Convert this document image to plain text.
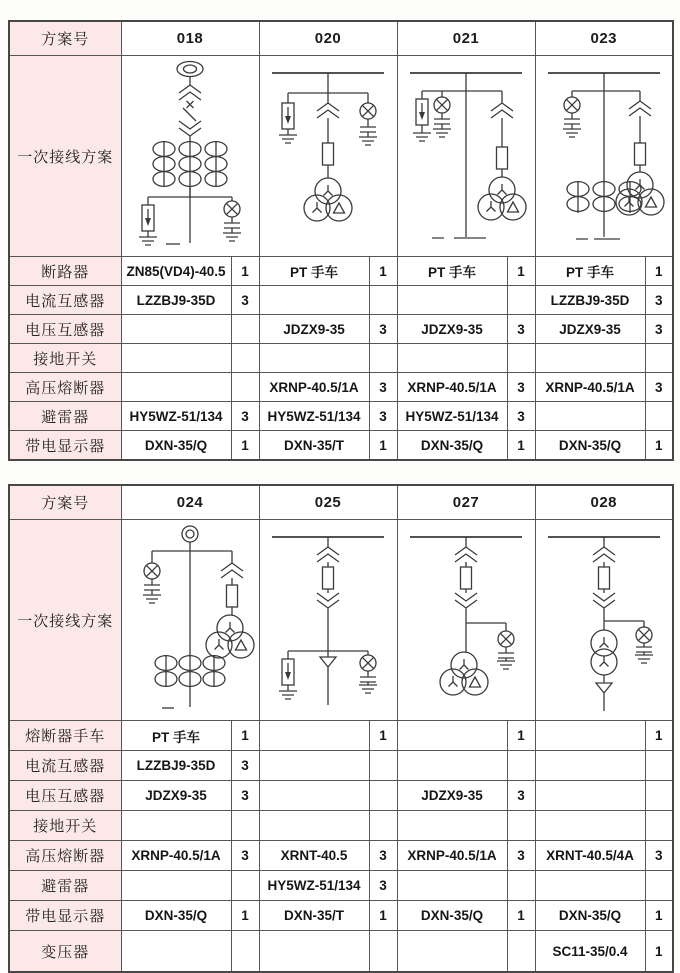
方案号	018		020		021		023	
一次接线方案	

断路器	ZN85(VD4)-40.5	1	PT 手车	1	PT 手车	1	PT 手车	1
电流互感器	LZZBJ9-35D	3					LZZBJ9-35D	3
电压互感器			JDZX9-35	3	JDZX9-35	3	JDZX9-35	3
接地开关								
高压熔断器			XRNP-40.5/1A	3	XRNP-40.5/1A	3	XRNP-40.5/1A	3
避雷器	HY5WZ-51/134	3	HY5WZ-51/134	3	HY5WZ-51/134	3		
带电显示器	DXN-35/Q	1	DXN-35/T	1	DXN-35/Q	1	DXN-35/Q	1
方案号	024		025		027		028	
一次接线方案	

熔断器手车	PT 手车	1		1		1		1
电流互感器	LZZBJ9-35D	3						
电压互感器	JDZX9-35	3			JDZX9-35	3		
接地开关								
高压熔断器	XRNP-40.5/1A	3	XRNT-40.5	3	XRNP-40.5/1A	3	XRNT-40.5/4A	3
避雷器			HY5WZ-51/134	3				
带电显示器	DXN-35/Q	1	DXN-35/T	1	DXN-35/Q	1	DXN-35/Q	1
变压器							SC11-35/0.4	1
